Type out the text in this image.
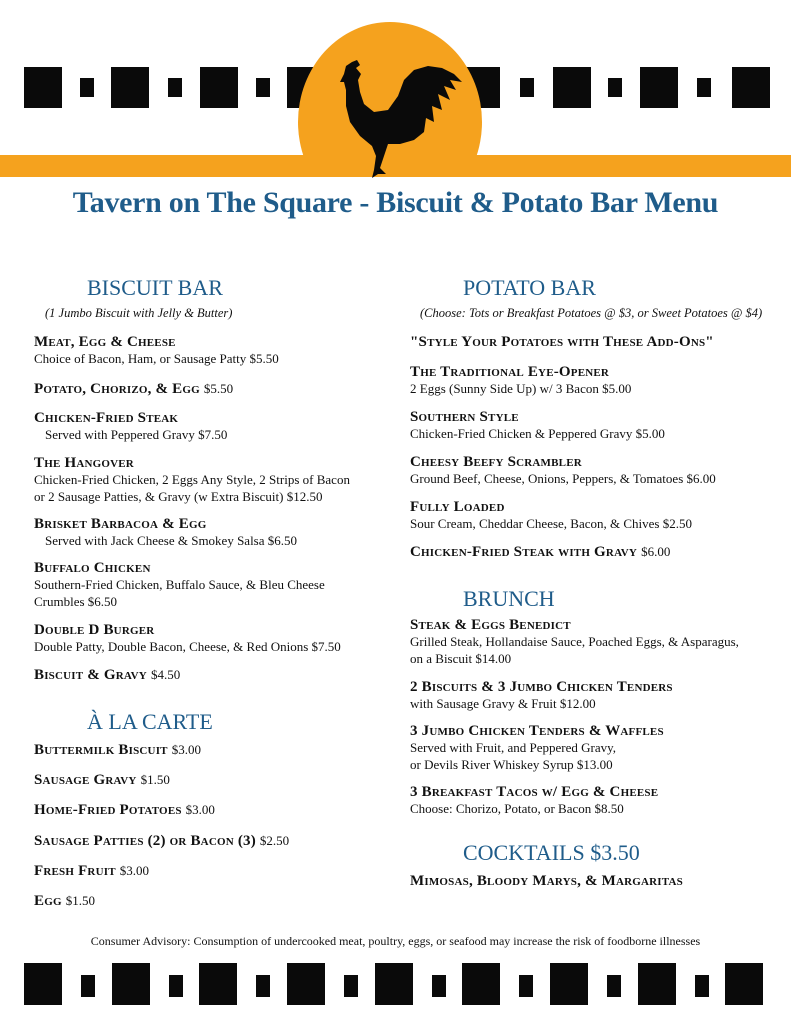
Tavern on The Square - Biscuit & Potato Bar Menu
BISCUIT BAR
(1 Jumbo Biscuit with Jelly & Butter)
Meat, Egg & Cheese
Choice of Bacon, Ham, or Sausage Patty $5.50
Potato, Chorizo, & Egg $5.50
Chicken-Fried Steak
Served with Peppered Gravy $7.50
The Hangover
Chicken-Fried Chicken, 2 Eggs Any Style, 2 Strips of Bacon
or 2 Sausage Patties, & Gravy (w Extra Biscuit) $12.50
Brisket Barbacoa & Egg
Served with Jack Cheese & Smokey Salsa $6.50
Buffalo Chicken
Southern-Fried Chicken, Buffalo Sauce, & Bleu Cheese
Crumbles $6.50
Double D Burger
Double Patty, Double Bacon, Cheese, & Red Onions $7.50
Biscuit & Gravy $4.50
À LA CARTE
Buttermilk Biscuit $3.00
Sausage Gravy $1.50
Home-Fried Potatoes $3.00
Sausage Patties (2) or Bacon (3) $2.50
Fresh Fruit $3.00
Egg $1.50
POTATO BAR
(Choose: Tots or Breakfast Potatoes @ $3, or Sweet Potatoes @ $4)
"Style Your Potatoes with These Add-Ons"
The Traditional Eye-Opener
2 Eggs (Sunny Side Up) w/ 3 Bacon $5.00
Southern Style
Chicken-Fried Chicken & Peppered Gravy $5.00
Cheesy Beefy Scrambler
Ground Beef, Cheese, Onions, Peppers, & Tomatoes $6.00
Fully Loaded
Sour Cream, Cheddar Cheese, Bacon, & Chives $2.50
Chicken-Fried Steak with Gravy $6.00
BRUNCH
Steak & Eggs Benedict
Grilled Steak, Hollandaise Sauce, Poached Eggs, & Asparagus,
on a Biscuit $14.00
2 Biscuits & 3 Jumbo Chicken Tenders
with Sausage Gravy & Fruit $12.00
3 Jumbo Chicken Tenders & Waffles
Served with Fruit, and Peppered Gravy,
or Devils River Whiskey Syrup $13.00
3 Breakfast Tacos w/ Egg & Cheese
Choose: Chorizo, Potato, or Bacon $8.50
COCKTAILS $3.50
Mimosas, Bloody Marys, & Margaritas
Consumer Advisory: Consumption of undercooked meat, poultry, eggs, or seafood may increase the risk of foodborne illnesses
